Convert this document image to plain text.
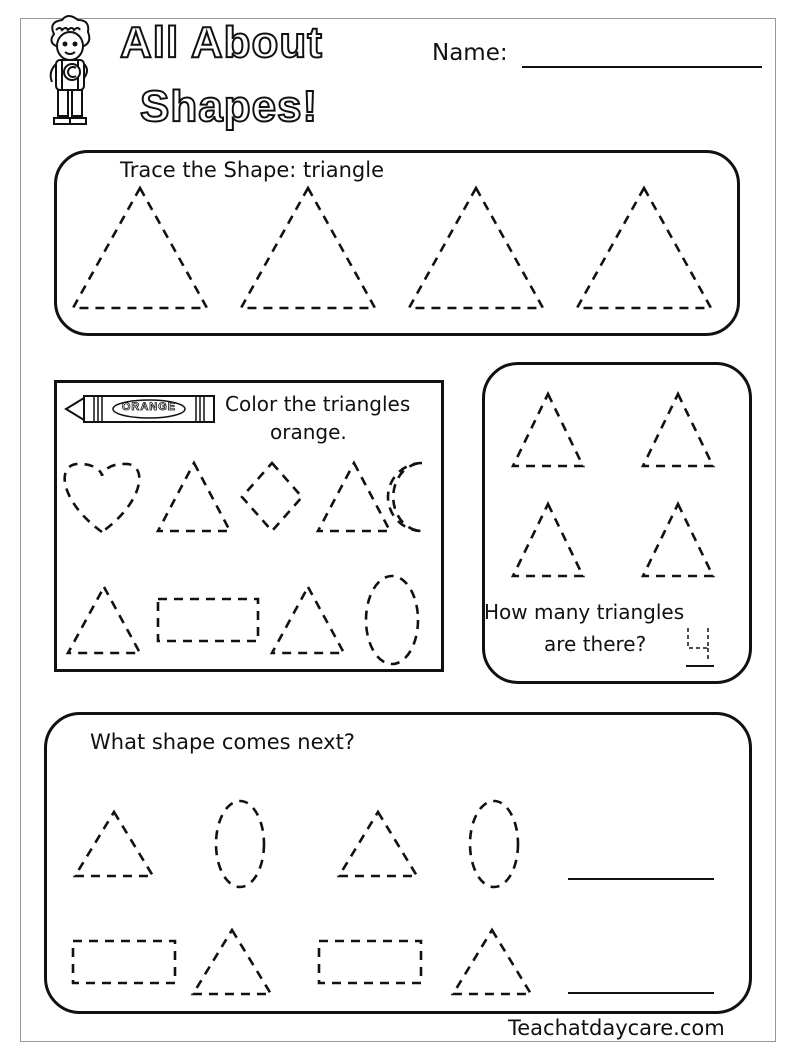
All About
Shapes!
Name:
Trace the Shape: triangle
Color the triangles
orange.
ORANGE
How many triangles
are there?
What shape comes next?
Teachatdaycare.com
